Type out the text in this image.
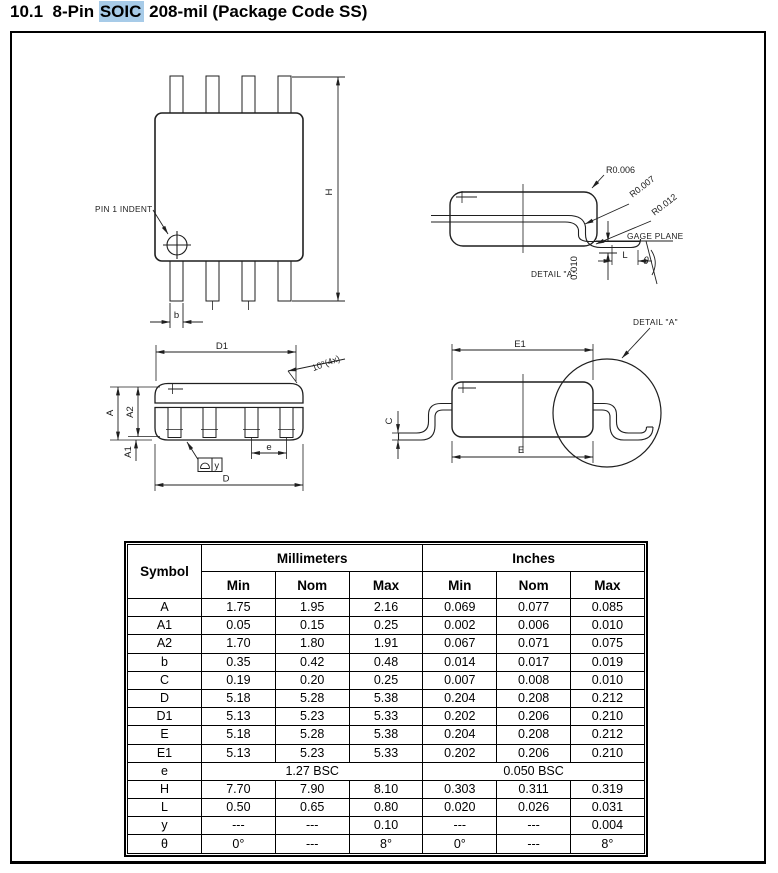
10.1  8-Pin SOIC 208-mil (Package Code SS)
PIN 1 INDENT
H
b
GAGE PLANE
0.010
L
θ
R0.006
R0.007
R0.012
DETAIL "A"
D1
10°(4x)
A A2
A1	e
y
D
E1
C
DETAIL "A"
E
Symbol	Millimeters			Inches		
	Min	Nom	Max	Min	Nom	Max
A	1.75	1.95	2.16	0.069	0.077	0.085
A1	0.05	0.15	0.25	0.002	0.006	0.010
A2	1.70	1.80	1.91	0.067	0.071	0.075
b	0.35	0.42	0.48	0.014	0.017	0.019
C	0.19	0.20	0.25	0.007	0.008	0.010
D	5.18	5.28	5.38	0.204	0.208	0.212
D1	5.13	5.23	5.33	0.202	0.206	0.210
E	5.18	5.28	5.38	0.204	0.208	0.212
E1	5.13	5.23	5.33	0.202	0.206	0.210
e	1.27 BSC			0.050 BSC		
H	7.70	7.90	8.10	0.303	0.311	0.319
L	0.50	0.65	0.80	0.020	0.026	0.031
y	---	---	0.10	---	---	0.004
θ	0°	---	8°	0°	---	8°
